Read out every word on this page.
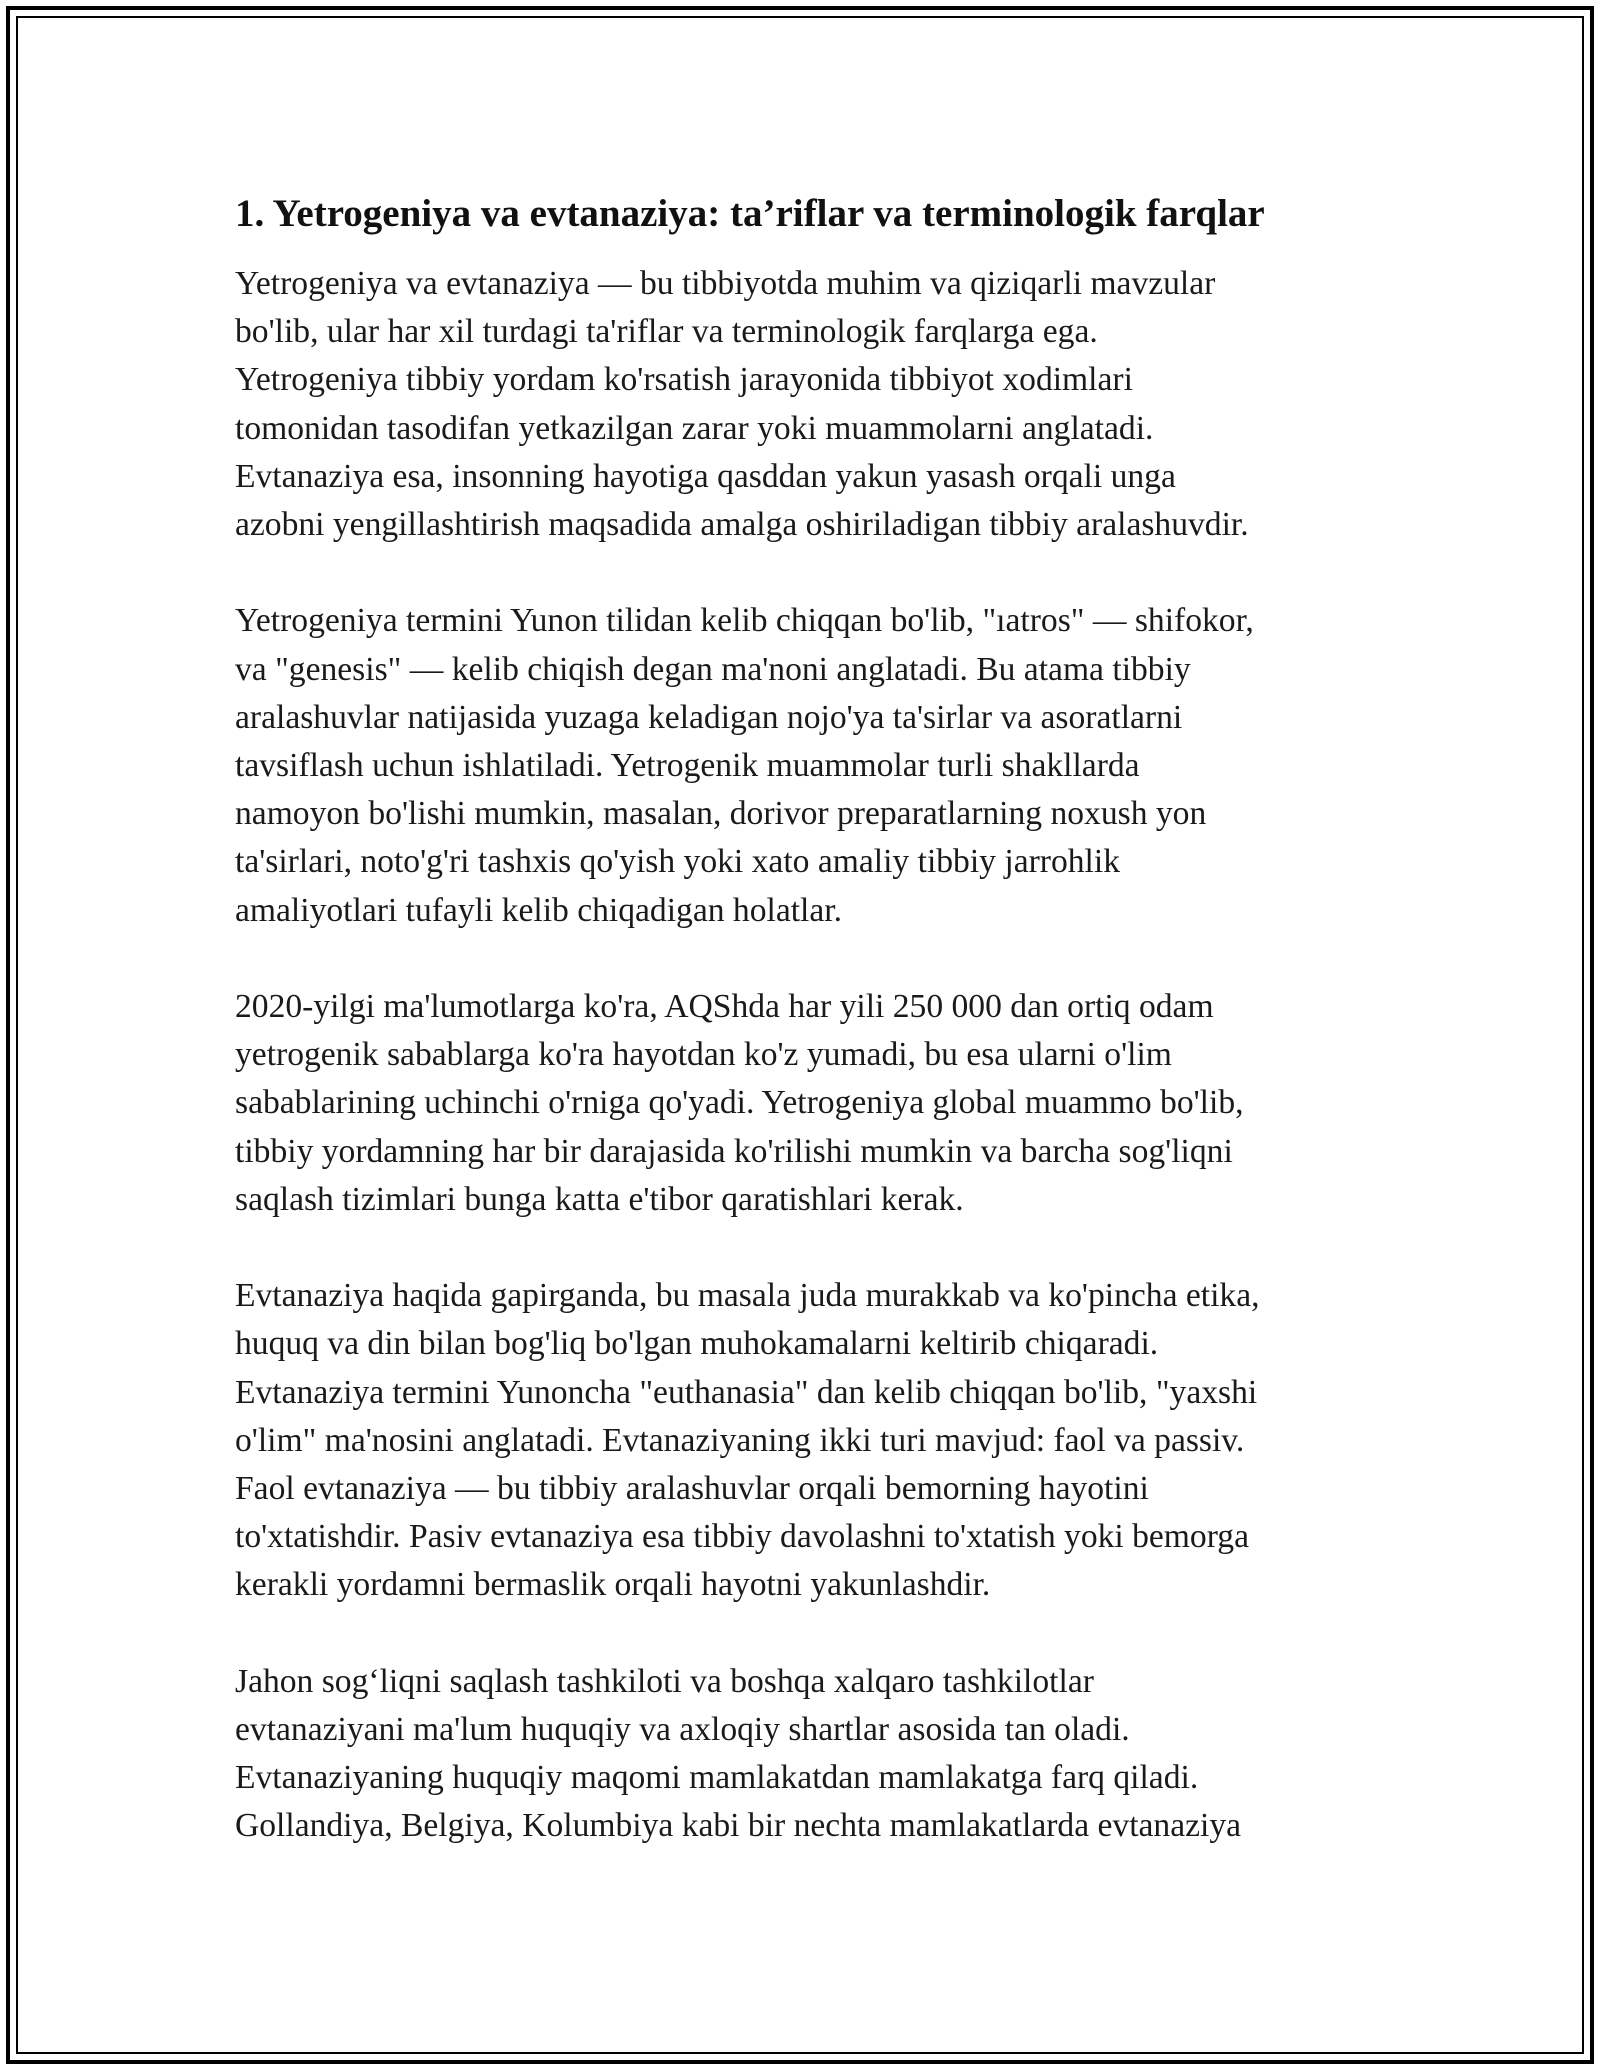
1. Yetrogeniya va evtanaziya: ta’riflar va terminologik farqlar

Yetrogeniya va evtanaziya — bu tibbiyotda muhim va qiziqarli mavzular
bo'lib, ular har xil turdagi ta'riflar va terminologik farqlarga ega.
Yetrogeniya tibbiy yordam ko'rsatish jarayonida tibbiyot xodimlari
tomonidan tasodifan yetkazilgan zarar yoki muammolarni anglatadi.
Evtanaziya esa, insonning hayotiga qasddan yakun yasash orqali unga
azobni yengillashtirish maqsadida amalga oshiriladigan tibbiy aralashuvdir.

Yetrogeniya termini Yunon tilidan kelib chiqqan bo'lib, "ıatros" — shifokor,
va "genesis" — kelib chiqish degan ma'noni anglatadi. Bu atama tibbiy
aralashuvlar natijasida yuzaga keladigan nojo'ya ta'sirlar va asoratlarni
tavsiflash uchun ishlatiladi. Yetrogenik muammolar turli shakllarda
namoyon bo'lishi mumkin, masalan, dorivor preparatlarning noxush yon
ta'sirlari, noto'g'ri tashxis qo'yish yoki xato amaliy tibbiy jarrohlik
amaliyotlari tufayli kelib chiqadigan holatlar.

2020-yilgi ma'lumotlarga ko'ra, AQShda har yili 250 000 dan ortiq odam
yetrogenik sabablarga ko'ra hayotdan ko'z yumadi, bu esa ularni o'lim
sabablarining uchinchi o'rniga qo'yadi. Yetrogeniya global muammo bo'lib,
tibbiy yordamning har bir darajasida ko'rilishi mumkin va barcha sog'liqni
saqlash tizimlari bunga katta e'tibor qaratishlari kerak.

Evtanaziya haqida gapirganda, bu masala juda murakkab va ko'pincha etika,
huquq va din bilan bog'liq bo'lgan muhokamalarni keltirib chiqaradi.
Evtanaziya termini Yunoncha "euthanasia" dan kelib chiqqan bo'lib, "yaxshi
o'lim" ma'nosini anglatadi. Evtanaziyaning ikki turi mavjud: faol va passiv.
Faol evtanaziya — bu tibbiy aralashuvlar orqali bemorning hayotini
to'xtatishdir. Pasiv evtanaziya esa tibbiy davolashni to'xtatish yoki bemorga
kerakli yordamni bermaslik orqali hayotni yakunlashdir.

Jahon sog‘liqni saqlash tashkiloti va boshqa xalqaro tashkilotlar
evtanaziyani ma'lum huquqiy va axloqiy shartlar asosida tan oladi.
Evtanaziyaning huquqiy maqomi mamlakatdan mamlakatga farq qiladi.
Gollandiya, Belgiya, Kolumbiya kabi bir nechta mamlakatlarda evtanaziya
